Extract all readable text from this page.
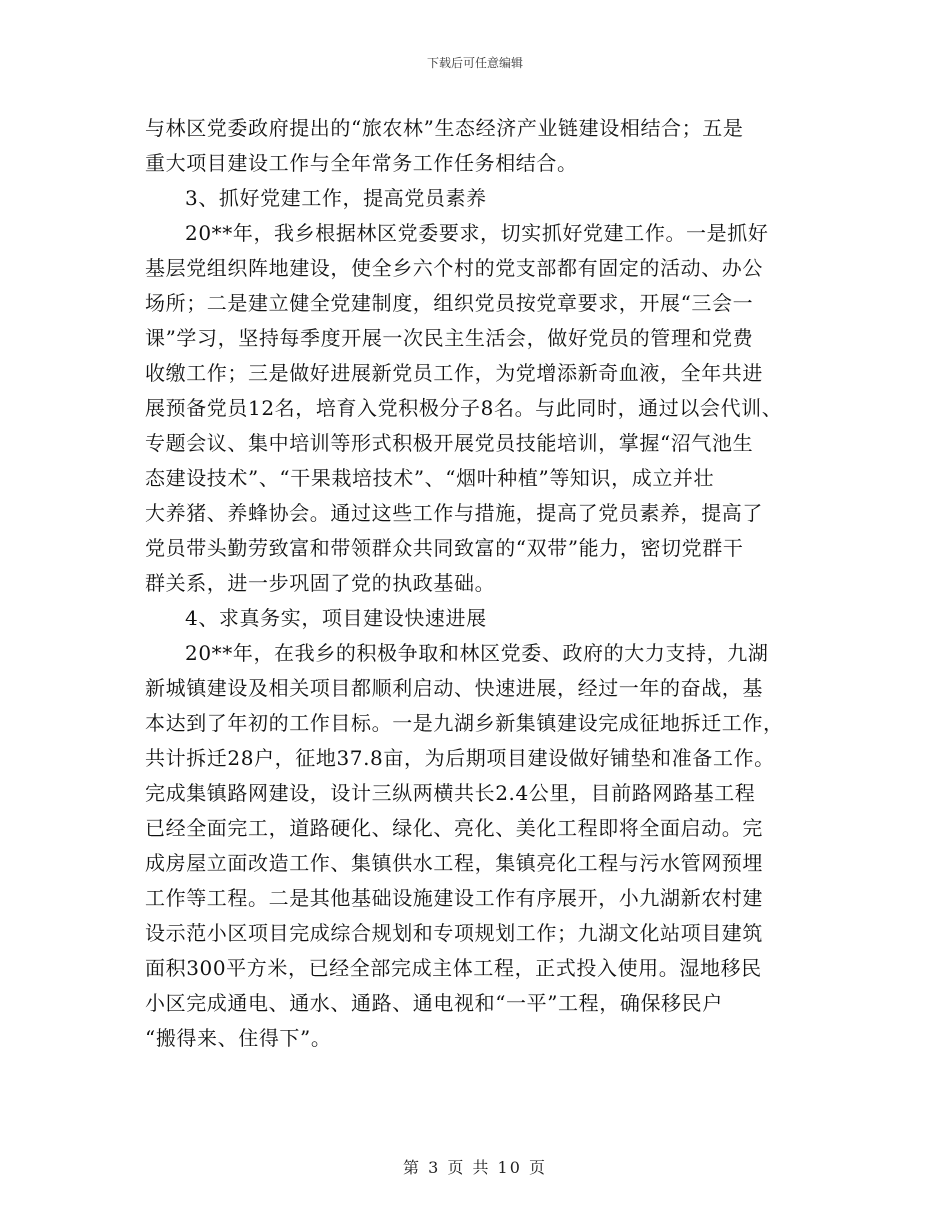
下载后可任意编辑
与林区党委政府提出的“旅农林”生态经济产业链建设相结合；五是
重大项目建设工作与全年常务工作任务相结合。
3、抓好党建工作，提高党员素养
20**年，我乡根据林区党委要求，切实抓好党建工作。一是抓好
基层党组织阵地建设，使全乡六个村的党支部都有固定的活动、办公
场所；二是建立健全党建制度，组织党员按党章要求，开展“三会一
课”学习，坚持每季度开展一次民主生活会，做好党员的管理和党费
收缴工作；三是做好进展新党员工作，为党增添新奇血液，全年共进
展预备党员12名，培育入党积极分子8名。与此同时，通过以会代训、
专题会议、集中培训等形式积极开展党员技能培训，掌握“沼气池生
态建设技术”、“干果栽培技术”、“烟叶种植”等知识，成立并壮
大养猪、养蜂协会。通过这些工作与措施，提高了党员素养，提高了
党员带头勤劳致富和带领群众共同致富的“双带”能力，密切党群干
群关系，进一步巩固了党的执政基础。
4、求真务实，项目建设快速进展
20**年，在我乡的积极争取和林区党委、政府的大力支持，九湖
新城镇建设及相关项目都顺利启动、快速进展，经过一年的奋战，基
本达到了年初的工作目标。一是九湖乡新集镇建设完成征地拆迁工作，
共计拆迁28户，征地37.8亩，为后期项目建设做好铺垫和准备工作。
完成集镇路网建设，设计三纵两横共长2.4公里，目前路网路基工程
已经全面完工，道路硬化、绿化、亮化、美化工程即将全面启动。完
成房屋立面改造工作、集镇供水工程，集镇亮化工程与污水管网预埋
工作等工程。二是其他基础设施建设工作有序展开，小九湖新农村建
设示范小区项目完成综合规划和专项规划工作；九湖文化站项目建筑
面积300平方米，已经全部完成主体工程，正式投入使用。湿地移民
小区完成通电、通水、通路、通电视和“一平”工程，确保移民户
“搬得来、住得下”。
第 3 页 共 10 页
